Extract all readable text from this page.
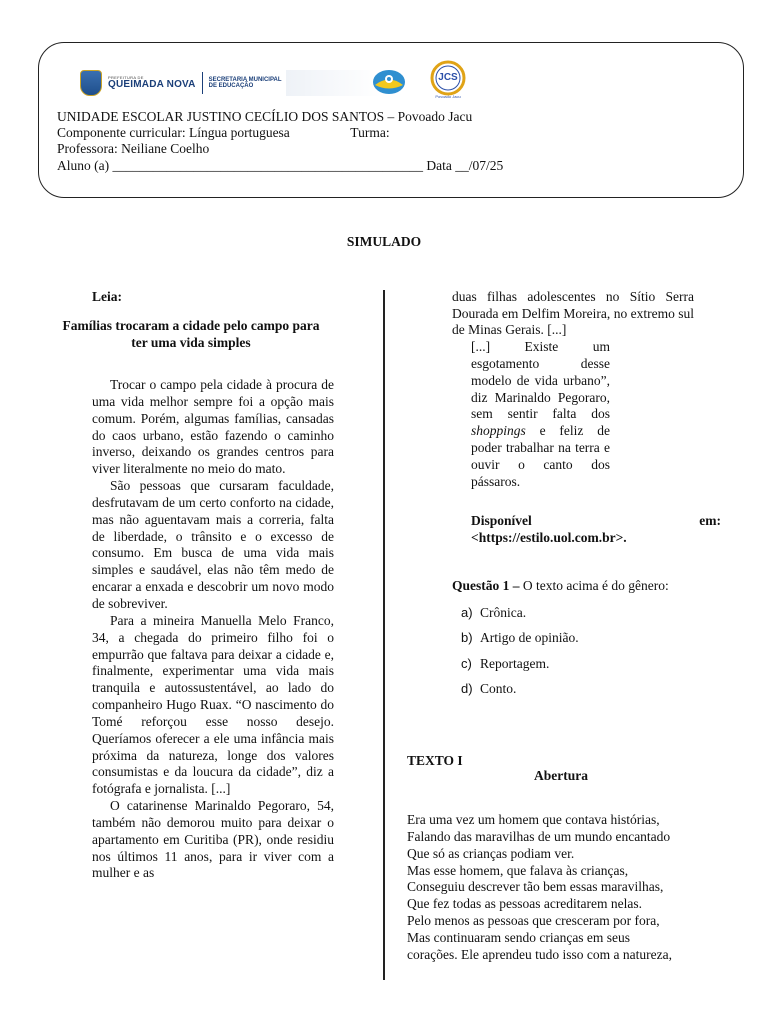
PREFEITURA DE
QUEIMADA NOVA SECRETARIA MUNICIPAL
DE EDUCAÇÃO
JCS
Povoado Jacu
UNIDADE ESCOLAR JUSTINO CECÍLIO DOS SANTOS – Povoado Jacu
Componente curricular: Língua portuguesa                  Turma:
Professora: Neiliane Coelho
Aluno (a) ______________________________________________ Data __/07/25
SIMULADO
Leia:
Famílias trocaram a cidade pelo campo para ter uma vida simples

Trocar o campo pela cidade à procura de uma vida melhor sempre foi a opção mais comum. Porém, algumas famílias, cansadas do caos urbano, estão fazendo o caminho inverso, deixando os grandes centros para viver literalmente no meio do mato.

São pessoas que cursaram faculdade, desfrutavam de um certo conforto na cidade, mas não aguentavam mais a correria, falta de liberdade, o trânsito e o excesso de consumo. Em busca de uma vida mais simples e saudável, elas não têm medo de encarar a enxada e descobrir um novo modo de sobreviver.

Para a mineira Manuella Melo Franco, 34, a chegada do primeiro filho foi o empurrão que faltava para deixar a cidade e, finalmente, experimentar uma vida mais tranquila e autossustentável, ao lado do companheiro Hugo Ruax. “O nascimento do Tomé reforçou esse nosso desejo. Queríamos oferecer a ele uma infância mais próxima da natureza, longe dos valores consumistas e da loucura da cidade”, diz a fotógrafa e jornalista. [...]

O catarinense Marinaldo Pegoraro, 54, também não demorou muito para deixar o apartamento em Curitiba (PR), onde residiu nos últimos 11 anos, para ir viver com a mulher e as

duas filhas adolescentes no Sítio Serra Dourada em Delfim Moreira, no extremo sul de Minas Gerais. [...]
[...] Existe um esgotamento desse modelo de vida urbano”, diz Marinaldo Pegoraro, sem sentir falta dos shoppings e feliz de poder trabalhar na terra e ouvir o canto dos pássaros.
Disponível	em:
<https://estilo.uol.com.br>.
Questão 1 – O texto acima é do gênero:
a) Crônica.
b) Artigo de opinião.
c) Reportagem.
d) Conto.
TEXTO I
Abertura
Era uma vez um homem que contava histórias,
Falando das maravilhas de um mundo encantado
Que só as crianças podiam ver.
Mas esse homem, que falava às crianças,
Conseguiu descrever tão bem essas maravilhas,
Que fez todas as pessoas acreditarem nelas.
Pelo menos as pessoas que cresceram por fora,
Mas continuaram sendo crianças em seus
corações. Ele aprendeu tudo isso com a natureza,
